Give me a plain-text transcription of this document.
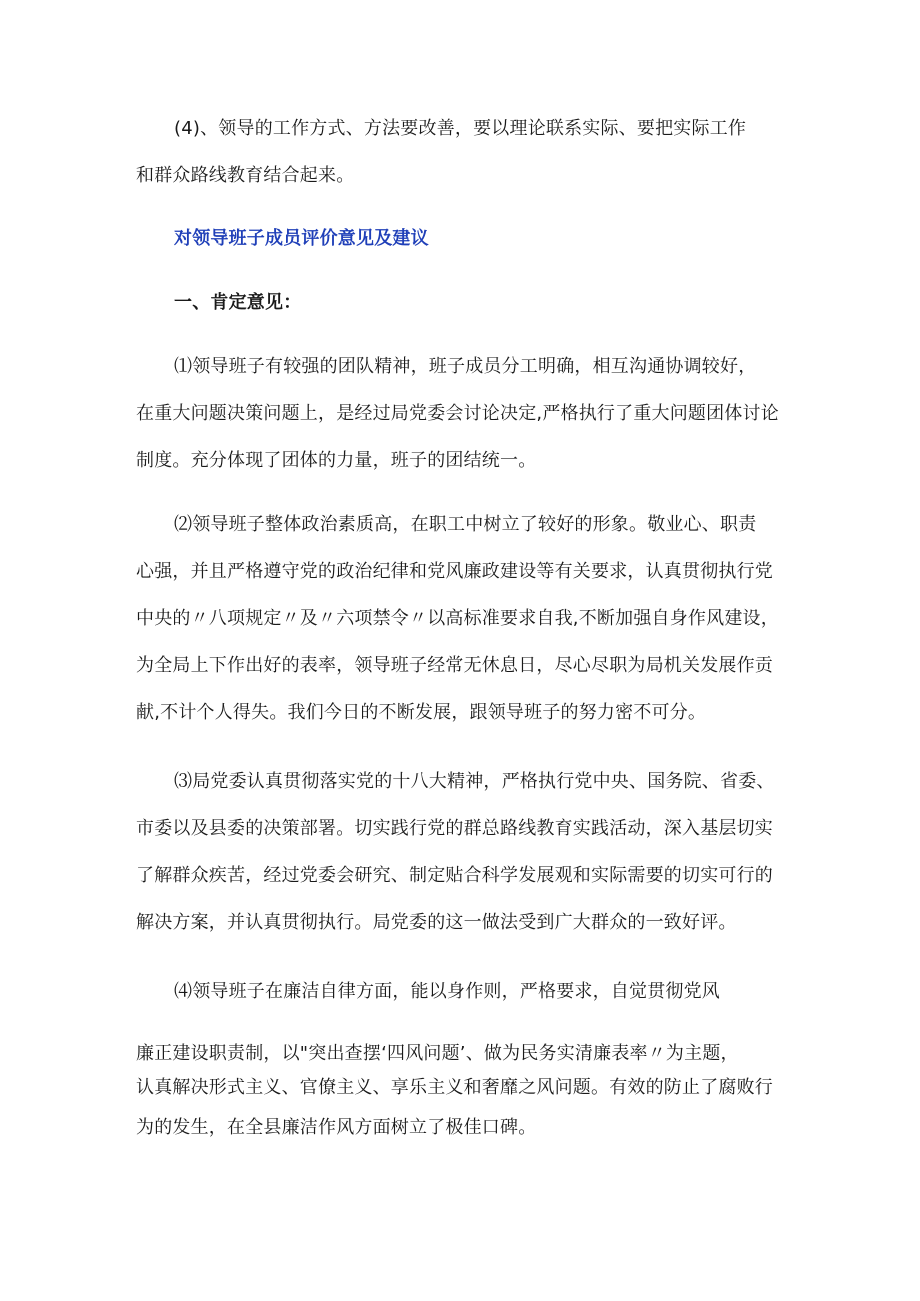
(4)、领导的工作方式、方法要改善，要以理论联系实际、要把实际工作
和群众路线教育结合起来。
对领导班子成员评价意见及建议
一、肯定意见：
⑴领导班子有较强的团队精神，班子成员分工明确，相互沟通协调较好，
在重大问题决策问题上，是经过局党委会讨论决定,严格执行了重大问题团体讨论
制度。充分体现了团体的力量，班子的团结统一。
⑵领导班子整体政治素质高，在职工中树立了较好的形象。敬业心、职责
心强，并且严格遵守党的政治纪律和党风廉政建设等有关要求，认真贯彻执行党
中央的〃八项规定〃及〃六项禁令〃以高标准要求自我,不断加强自身作风建设，
为全局上下作出好的表率，领导班子经常无休息日，尽心尽职为局机关发展作贡
献,不计个人得失。我们今日的不断发展，跟领导班子的努力密不可分。
⑶局党委认真贯彻落实党的十八大精神，严格执行党中央、国务院、省委、
市委以及县委的决策部署。切实践行党的群总路线教育实践活动，深入基层切实
了解群众疾苦，经过党委会研究、制定贴合科学发展观和实际需要的切实可行的
解决方案，并认真贯彻执行。局党委的这一做法受到广大群众的一致好评。
⑷领导班子在廉洁自律方面，能以身作则，严格要求，自觉贯彻党风
廉正建设职责制，以"突出查摆‘四风问题’、做为民务实清廉表率〃为主题，
认真解决形式主义、官僚主义、享乐主义和奢靡之风问题。有效的防止了腐败行
为的发生，在全县廉洁作风方面树立了极佳口碑。
